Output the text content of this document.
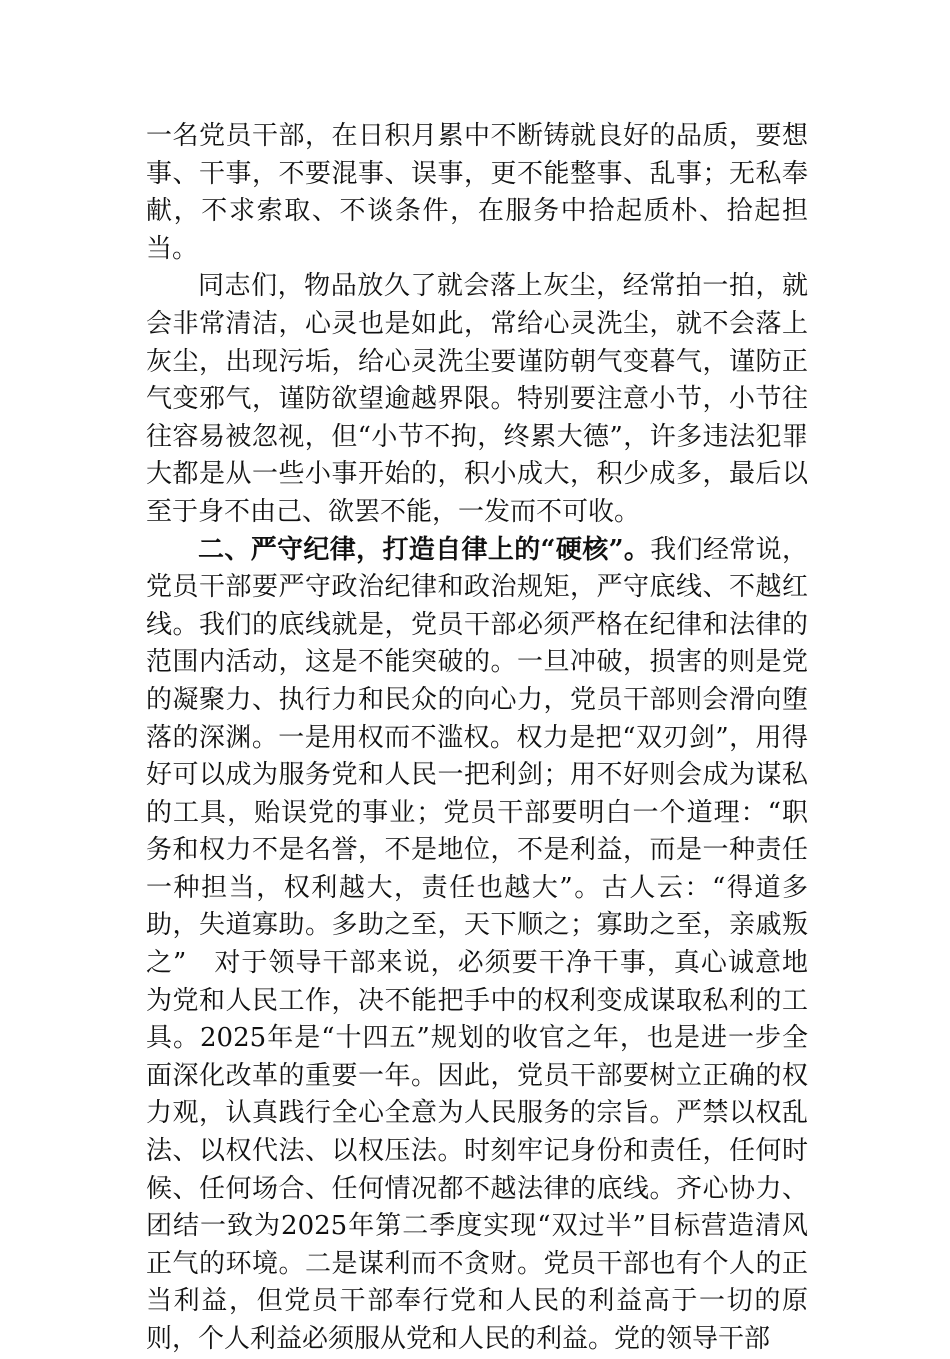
一名党员干部，在日积月累中不断铸就良好的品质，要想事、干事，不要混事、误事，更不能整事、乱事；无私奉献，不求索取、不谈条件，在服务中拾起质朴、拾起担当。

同志们，物品放久了就会落上灰尘，经常拍一拍，就会非常清洁，心灵也是如此，常给心灵洗尘，就不会落上灰尘，出现污垢，给心灵洗尘要谨防朝气变暮气，谨防正气变邪气，谨防欲望逾越界限。特别要注意小节，小节往往容易被忽视，但“小节不拘，终累大德”，许多违法犯罪大都是从一些小事开始的，积小成大，积少成多，最后以至于身不由己、欲罢不能，一发而不可收。

二、严守纪律，打造自律上的“硬核”。我们经常说，党员干部要严守政治纪律和政治规矩，严守底线、不越红线。我们的底线就是，党员干部必须严格在纪律和法律的范围内活动，这是不能突破的。一旦冲破，损害的则是党的凝聚力、执行力和民众的向心力，党员干部则会滑向堕落的深渊。一是用权而不滥权。权力是把“双刃剑”，用得好可以成为服务党和人民一把利剑；用不好则会成为谋私的工具，贻误党的事业；党员干部要明白一个道理：“职务和权力不是名誉，不是地位，不是利益，而是一种责任一种担当，权利越大，责任也越大”。古人云：“得道多助，失道寡助。多助之至，天下顺之；寡助之至，亲戚叛之”　对于领导干部来说，必须要干净干事，真心诚意地为党和人民工作，决不能把手中的权利变成谋取私利的工具。2025年是“十四五”规划的收官之年，也是进一步全面深化改革的重要一年。因此，党员干部要树立正确的权力观，认真践行全心全意为人民服务的宗旨。严禁以权乱法、以权代法、以权压法。时刻牢记身份和责任，任何时候、任何场合、任何情况都不越法律的底线。齐心协力、团结一致为2025年第二季度实现“双过半”目标营造清风正气的环境。二是谋利而不贪财。党员干部也有个人的正当利益，但党员干部奉行党和人民的利益高于一切的原则，个人利益必须服从党和人民的利益。党的领导干部
